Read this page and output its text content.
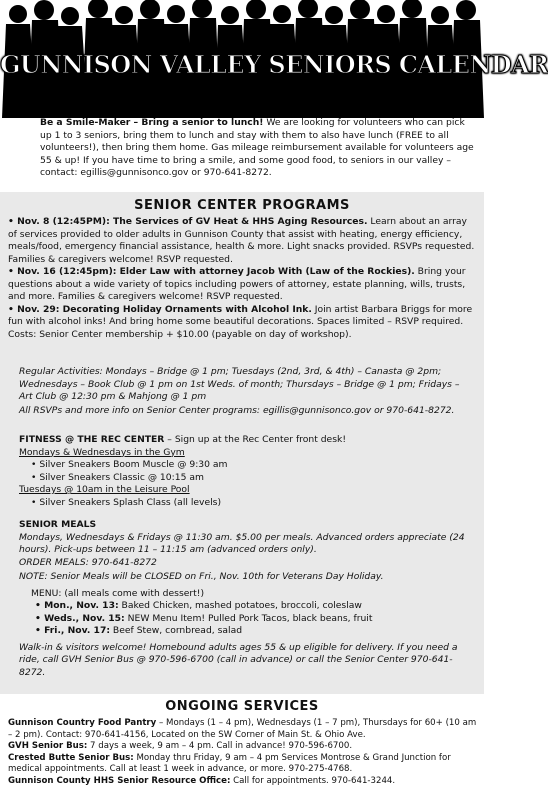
GUNNISON VALLEY SENIORS CALENDAR
Be a Smile-Maker – Bring a senior to lunch! We are looking for volunteers who can pick up 1 to 3 seniors, bring them to lunch and stay with them to also have lunch (FREE to all volunteers!), then bring them home. Gas mileage reimbursement available for volunteers age 55 & up! If you have time to bring a smile, and some good food, to seniors in our valley – contact: egillis@gunnisonco.gov or 970-641-8272.
SENIOR CENTER PROGRAMS

• Nov. 8 (12:45PM): The Services of GV Heat & HHS Aging Resources. Learn about an array of services provided to older adults in Gunnison County that assist with heating, energy efficiency, meals/food, emergency financial assistance, health & more. Light snacks provided. RSVPs requested. Families & caregivers welcome! RSVP requested.

• Nov. 16 (12:45pm): Elder Law with attorney Jacob With (Law of the Rockies). Bring your questions about a wide variety of topics including powers of attorney, estate planning, wills, trusts, and more. Families & caregivers welcome! RSVP requested.

• Nov. 29: Decorating Holiday Ornaments with Alcohol Ink. Join artist Barbara Briggs for more fun with alcohol inks! And bring home some beautiful decorations. Spaces limited – RSVP required. Costs: Senior Center membership + $10.00 (payable on day of workshop).

Regular Activities: Mondays – Bridge @ 1 pm; Tuesdays (2nd, 3rd, & 4th) – Canasta @ 2pm; Wednesdays – Book Club @ 1 pm on 1st Weds. of month; Thursdays – Bridge @ 1 pm; Fridays – Art Club @ 12:30 pm & Mahjong @ 1 pm
All RSVPs and more info on Senior Center programs: egillis@gunnisonco.gov or 970-641-8272.

FITNESS @ THE REC CENTER – Sign up at the Rec Center front desk!

Mondays & Wednesdays in the Gym

• Silver Sneakers Boom Muscle @ 9:30 am

• Silver Sneakers Classic @ 10:15 am

Tuesdays @ 10am in the Leisure Pool

• Silver Sneakers Splash Class (all levels)

SENIOR MEALS

Mondays, Wednesdays & Fridays @ 11:30 am. $5.00 per meals. Advanced orders appreciate (24 hours). Pick-ups between 11 – 11:15 am (advanced orders only).

ORDER MEALS: 970-641-8272

NOTE: Senior Meals will be CLOSED on Fri., Nov. 10th for Veterans Day Holiday.

MENU: (all meals come with dessert!)

• Mon., Nov. 13: Baked Chicken, mashed potatoes, broccoli, coleslaw

• Weds., Nov. 15: NEW Menu Item! Pulled Pork Tacos, black beans, fruit

• Fri., Nov. 17: Beef Stew, cornbread, salad

Walk-in & visitors welcome! Homebound adults ages 55 & up eligible for delivery. If you need a ride, call GVH Senior Bus @ 970-596-6700 (call in advance) or call the Senior Center 970-641-8272.

ONGOING SERVICES

Gunnison Country Food Pantry – Mondays (1 – 4 pm), Wednesdays (1 – 7 pm), Thursdays for 60+ (10 am – 2 pm). Contact: 970-641-4156, Located on the SW Corner of Main St. & Ohio Ave.

GVH Senior Bus: 7 days a week, 9 am – 4 pm. Call in advance! 970-596-6700.

Crested Butte Senior Bus: Monday thru Friday, 9 am – 4 pm Services Montrose & Grand Junction for medical appointments. Call at least 1 week in advance, or more. 970-275-4768.

Gunnison County HHS Senior Resource Office: Call for appointments. 970-641-3244.
